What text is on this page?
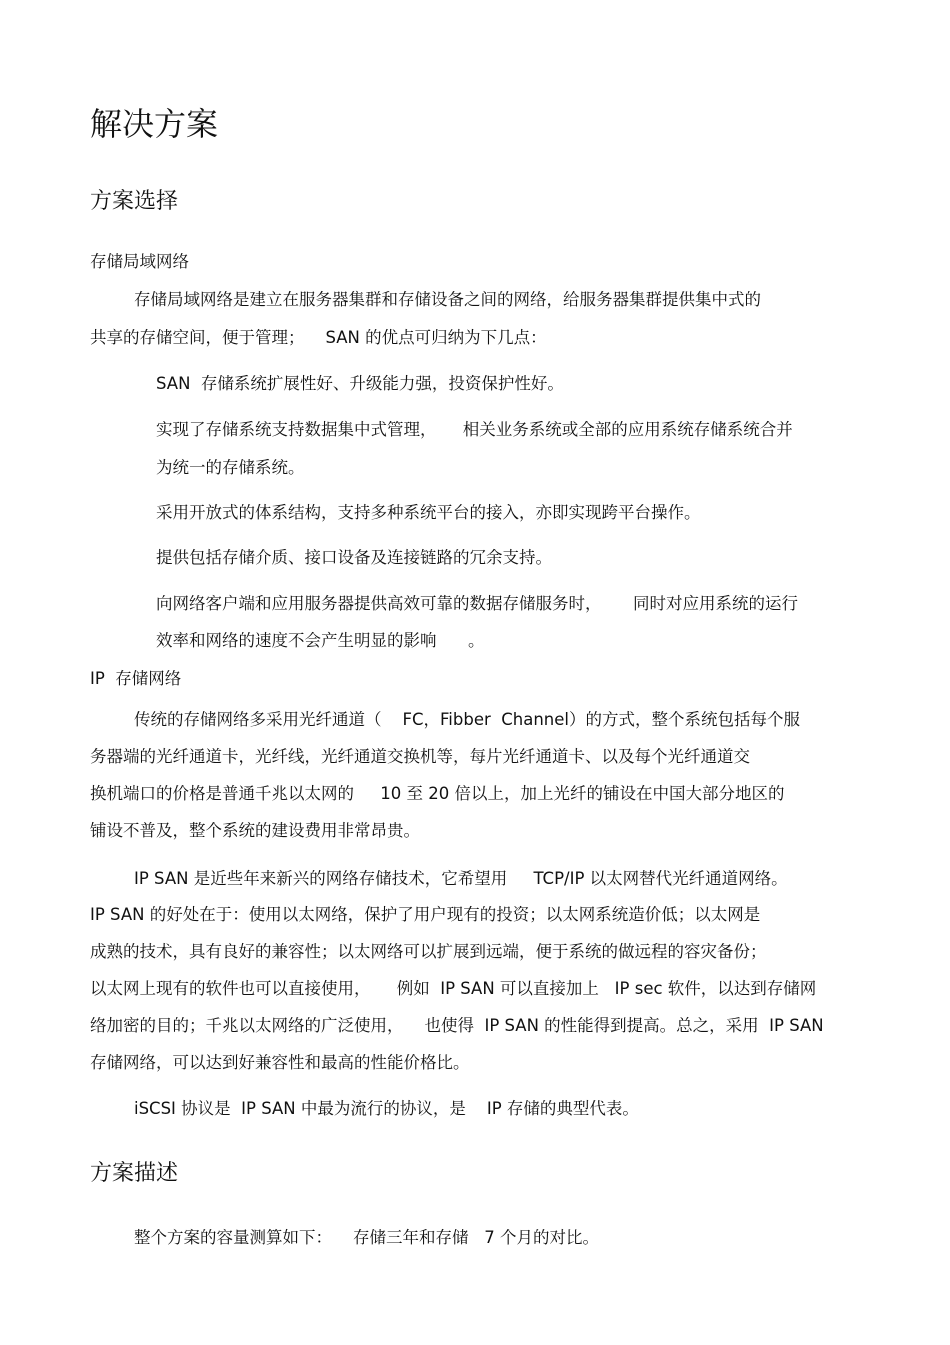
解决方案
方案选择
存储局域网络
存储局域网络是建立在服务器集群和存储设备之间的网络，给服务器集群提供集中式的
共享的存储空间，便于管理；    SAN 的优点可归纳为下几点：
SAN  存储系统扩展性好、升级能力强，投资保护性好。
实现了存储系统支持数据集中式管理，     相关业务系统或全部的应用系统存储系统合并
为统一的存储系统。
采用开放式的体系结构，支持多种系统平台的接入，亦即实现跨平台操作。
提供包括存储介质、接口设备及连接链路的冗余支持。
向网络客户端和应用服务器提供高效可靠的数据存储服务时，      同时对应用系统的运行
效率和网络的速度不会产生明显的影响      。
IP  存储网络
传统的存储网络多采用光纤通道（    FC，Fibber  Channel）的方式，整个系统包括每个服
务器端的光纤通道卡，光纤线，光纤通道交换机等，每片光纤通道卡、以及每个光纤通道交
换机端口的价格是普通千兆以太网的     10 至 20 倍以上，加上光纤的铺设在中国大部分地区的
铺设不普及，整个系统的建设费用非常昂贵。
IP SAN 是近些年来新兴的网络存储技术，它希望用     TCP/IP 以太网替代光纤通道网络。
IP SAN 的好处在于：使用以太网络，保护了用户现有的投资；以太网系统造价低；以太网是
成熟的技术，具有良好的兼容性；以太网络可以扩展到远端，便于系统的做远程的容灾备份；
以太网上现有的软件也可以直接使用，     例如  IP SAN 可以直接加上   IP sec 软件，以达到存储网
络加密的目的；千兆以太网络的广泛使用，    也使得  IP SAN 的性能得到提高。总之，采用  IP SAN
存储网络，可以达到好兼容性和最高的性能价格比。
iSCSI 协议是  IP SAN 中最为流行的协议，是    IP 存储的典型代表。
方案描述
整个方案的容量测算如下：    存储三年和存储   7 个月的对比。
